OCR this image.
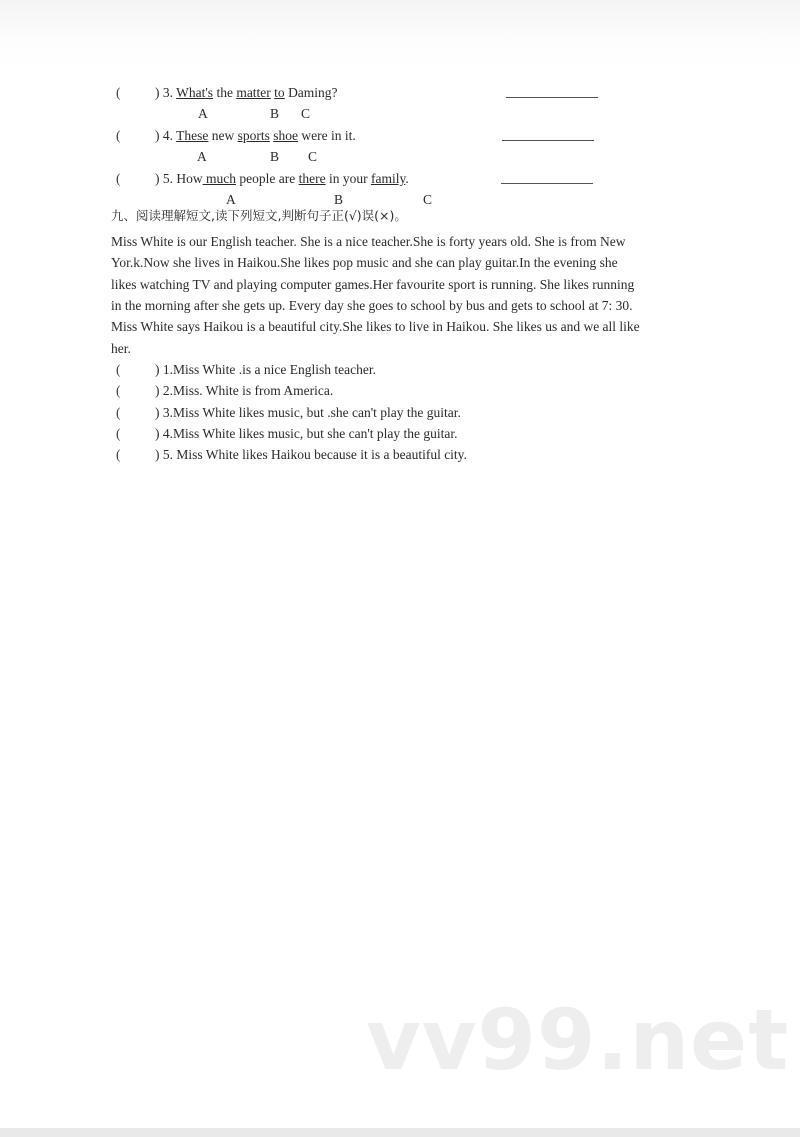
(	) 3. What's the matter to Daming?
A	B C
(	) 4. These new sports shoe were in it.
A	B C
(	) 5. How much people are there in your family.
A	B	C
九、阅读理解短文,读下列短文,判断句子正(√)误(×)。
Miss White is our English teacher. She is a nice teacher.She is forty years old. She is from New
Yor.k.Now she lives in Haikou.She likes pop music and she can play guitar.In the evening she
likes watching TV and playing computer games.Her favourite sport is running. She likes running
in the morning after she gets up. Every day she goes to school by bus and gets to school at 7: 30.
Miss White says Haikou is a beautiful city.She likes to live in Haikou. She likes us and we all like
her.
(	) 1.Miss White .is a nice English teacher.
(	) 2.Miss. White is from America.
(	) 3.Miss White likes music, but .she can't play the guitar.
(	) 4.Miss White likes music, but she can't play the guitar.
(	) 5. Miss White likes Haikou because it is a beautiful city.
vv99.net
